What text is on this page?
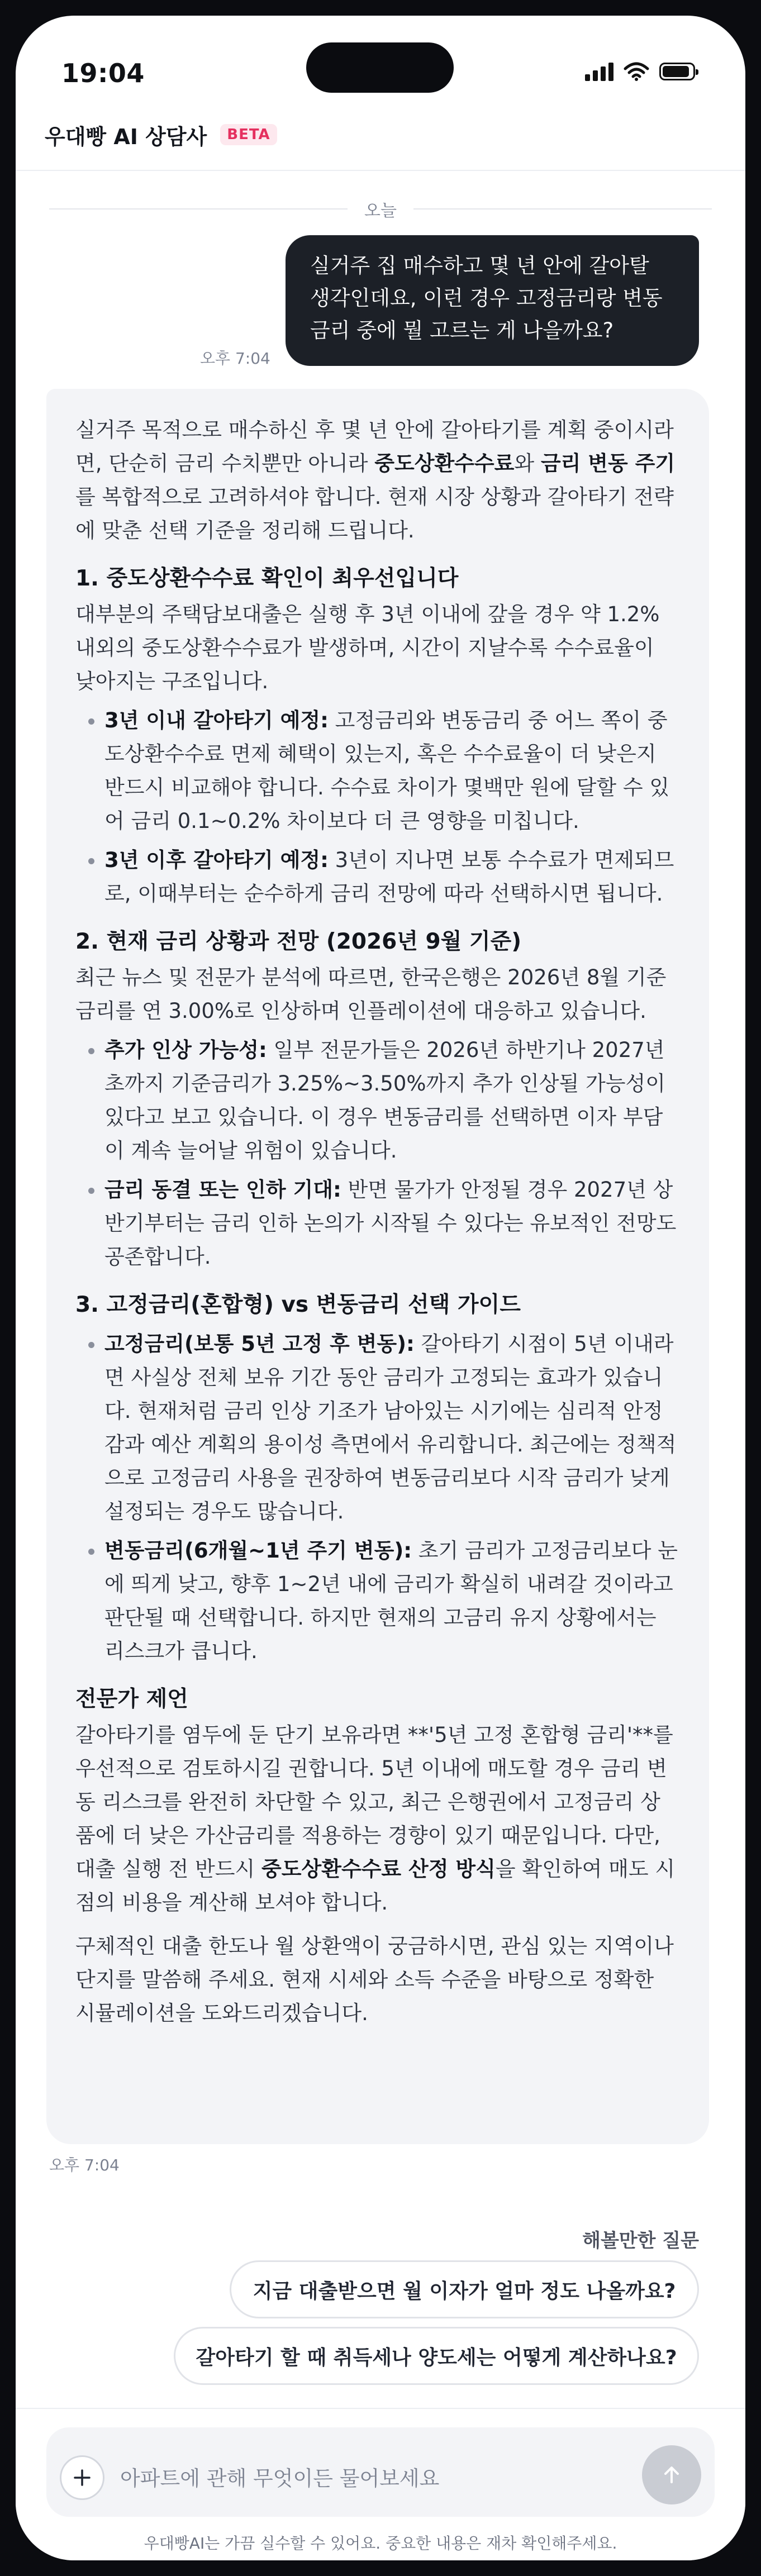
19:04
우대빵 AI 상담사	BETA
오늘
실거주 집 매수하고 몇 년 안에 갈아탈 생각인데요, 이런 경우 고정금리랑 변동금리 중에 뭘 고르는 게 나을까요?
오후 7:04

실거주 목적으로 매수하신 후 몇 년 안에 갈아타기를 계획 중이시라면, 단순히 금리 수치뿐만 아니라 중도상환수수료와 금리 변동 주기를 복합적으로 고려하셔야 합니다. 현재 시장 상황과 갈아타기 전략에 맞춘 선택 기준을 정리해 드립니다.

1. 중도상환수수료 확인이 최우선입니다

대부분의 주택담보대출은 실행 후 3년 이내에 갚을 경우 약 1.2% 내외의 중도상환수수료가 발생하며, 시간이 지날수록 수수료율이 낮아지는 구조입니다.

• 3년 이내 갈아타기 예정: 고정금리와 변동금리 중 어느 쪽이 중도상환수수료 면제 혜택이 있는지, 혹은 수수료율이 더 낮은지 반드시 비교해야 합니다. 수수료 차이가 몇백만 원에 달할 수 있어 금리 0.1~0.2% 차이보다 더 큰 영향을 미칩니다.
• 3년 이후 갈아타기 예정: 3년이 지나면 보통 수수료가 면제되므로, 이때부터는 순수하게 금리 전망에 따라 선택하시면 됩니다.
2. 현재 금리 상황과 전망 (2026년 9월 기준)

최근 뉴스 및 전문가 분석에 따르면, 한국은행은 2026년 8월 기준금리를 연 3.00%로 인상하며 인플레이션에 대응하고 있습니다.

• 추가 인상 가능성: 일부 전문가들은 2026년 하반기나 2027년 초까지 기준금리가 3.25%~3.50%까지 추가 인상될 가능성이 있다고 보고 있습니다. 이 경우 변동금리를 선택하면 이자 부담이 계속 늘어날 위험이 있습니다.
• 금리 동결 또는 인하 기대: 반면 물가가 안정될 경우 2027년 상반기부터는 금리 인하 논의가 시작될 수 있다는 유보적인 전망도 공존합니다.
3. 고정금리(혼합형) vs 변동금리 선택 가이드
• 고정금리(보통 5년 고정 후 변동): 갈아타기 시점이 5년 이내라면 사실상 전체 보유 기간 동안 금리가 고정되는 효과가 있습니다. 현재처럼 금리 인상 기조가 남아있는 시기에는 심리적 안정감과 예산 계획의 용이성 측면에서 유리합니다. 최근에는 정책적으로 고정금리 사용을 권장하여 변동금리보다 시작 금리가 낮게 설정되는 경우도 많습니다.
• 변동금리(6개월~1년 주기 변동): 초기 금리가 고정금리보다 눈에 띄게 낮고, 향후 1~2년 내에 금리가 확실히 내려갈 것이라고 판단될 때 선택합니다. 하지만 현재의 고금리 유지 상황에서는 리스크가 큽니다.
전문가 제언

갈아타기를 염두에 둔 단기 보유라면 **'5년 고정 혼합형 금리'**를 우선적으로 검토하시길 권합니다. 5년 이내에 매도할 경우 금리 변동 리스크를 완전히 차단할 수 있고, 최근 은행권에서 고정금리 상품에 더 낮은 가산금리를 적용하는 경향이 있기 때문입니다. 다만, 대출 실행 전 반드시 중도상환수수료 산정 방식을 확인하여 매도 시점의 비용을 계산해 보셔야 합니다.

구체적인 대출 한도나 월 상환액이 궁금하시면, 관심 있는 지역이나 단지를 말씀해 주세요. 현재 시세와 소득 수준을 바탕으로 정확한 시뮬레이션을 도와드리겠습니다.

오후 7:04
해볼만한 질문
지금 대출받으면 월 이자가 얼마 정도 나올까요?
갈아타기 할 때 취득세나 양도세는 어떻게 계산하나요?
아파트에 관해 무엇이든 물어보세요
우대빵AI는 가끔 실수할 수 있어요. 중요한 내용은 재차 확인해주세요.
